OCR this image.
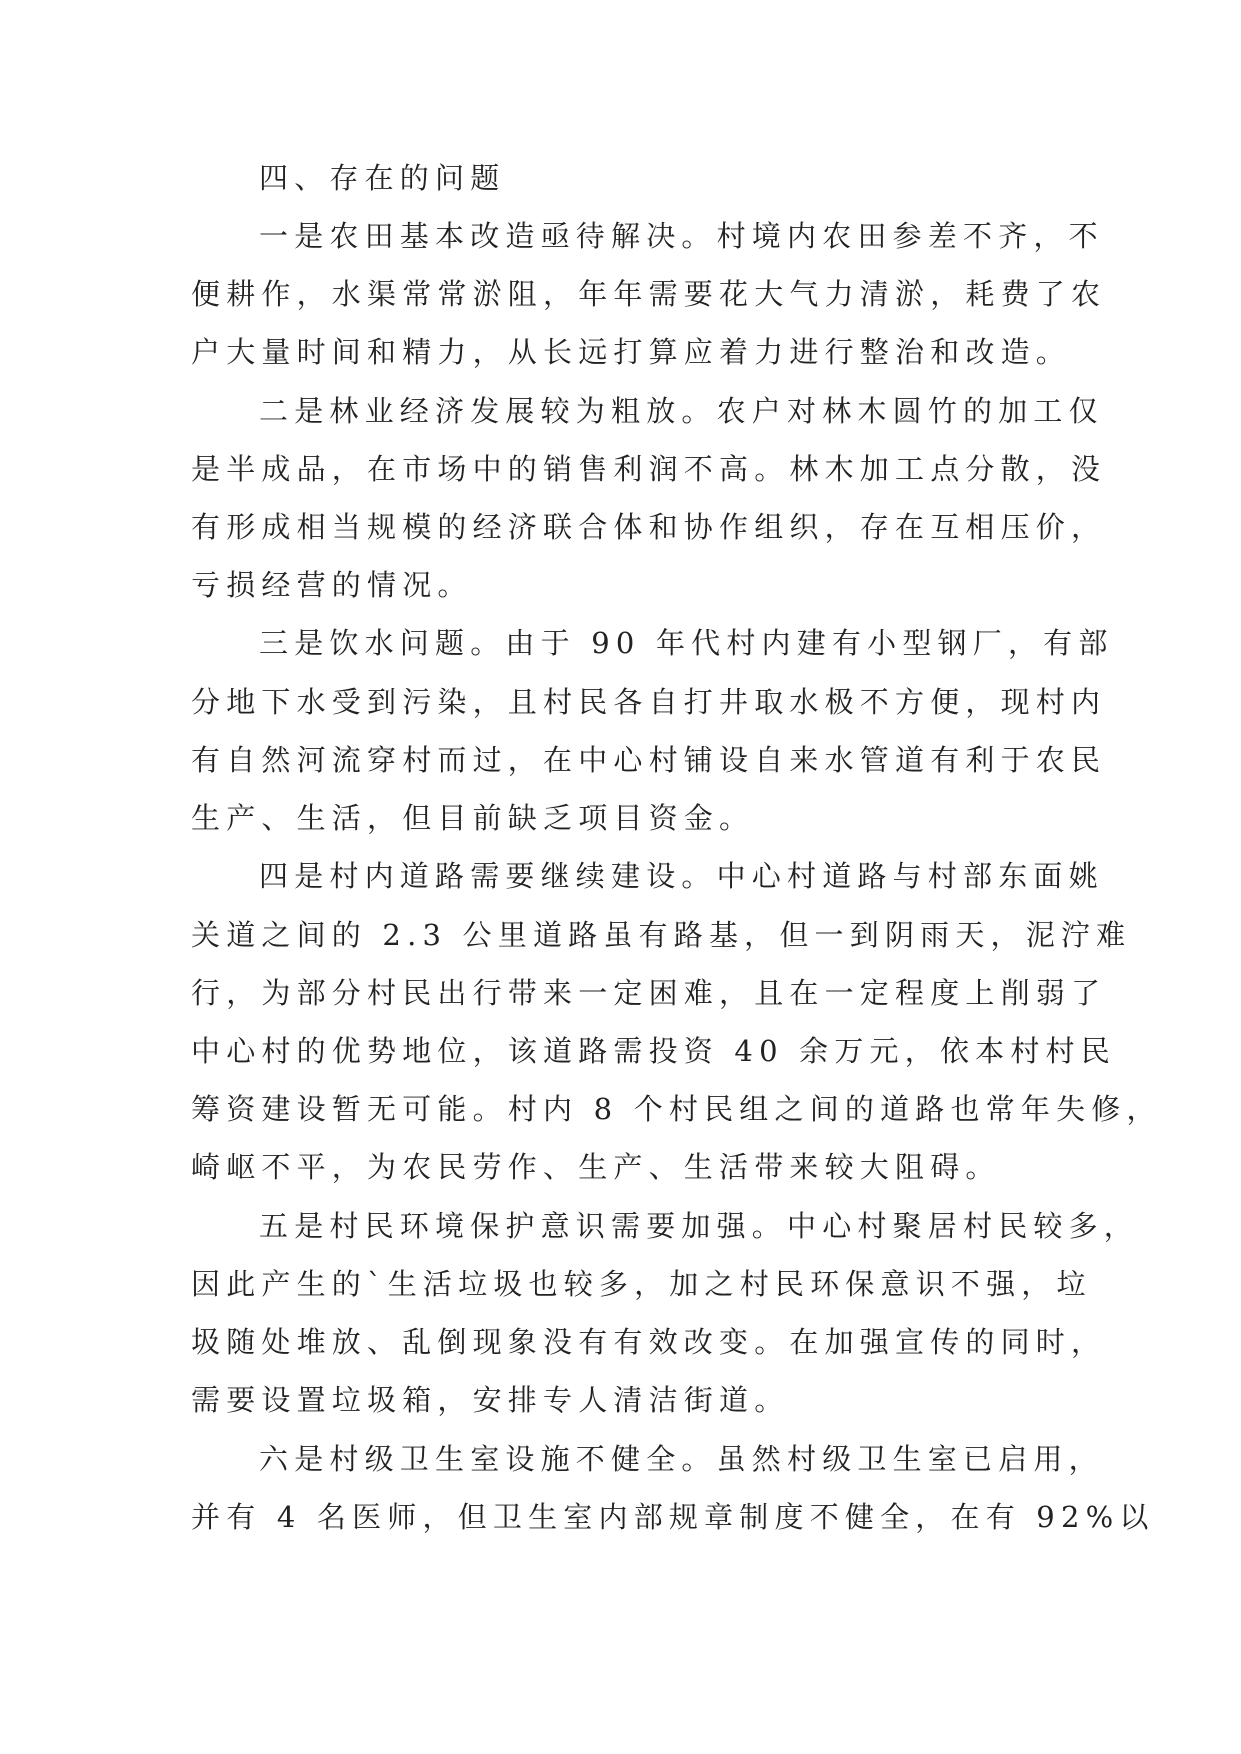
四、存在的问题
一是农田基本改造亟待解决。村境内农田参差不齐，不
便耕作，水渠常常淤阻，年年需要花大气力清淤，耗费了农
户大量时间和精力，从长远打算应着力进行整治和改造。
二是林业经济发展较为粗放。农户对林木圆竹的加工仅
是半成品，在市场中的销售利润不高。林木加工点分散，没
有形成相当规模的经济联合体和协作组织，存在互相压价，
亏损经营的情况。
三是饮水问题。由于 90 年代村内建有小型钢厂，有部
分地下水受到污染，且村民各自打井取水极不方便，现村内
有自然河流穿村而过，在中心村铺设自来水管道有利于农民
生产、生活，但目前缺乏项目资金。
四是村内道路需要继续建设。中心村道路与村部东面姚
关道之间的 2.3 公里道路虽有路基，但一到阴雨天，泥泞难
行，为部分村民出行带来一定困难，且在一定程度上削弱了
中心村的优势地位，该道路需投资 40 余万元，依本村村民
筹资建设暂无可能。村内 8 个村民组之间的道路也常年失修，
崎岖不平，为农民劳作、生产、生活带来较大阻碍。
五是村民环境保护意识需要加强。中心村聚居村民较多，
因此产生的`生活垃圾也较多，加之村民环保意识不强，垃
圾随处堆放、乱倒现象没有有效改变。在加强宣传的同时，
需要设置垃圾箱，安排专人清洁街道。
六是村级卫生室设施不健全。虽然村级卫生室已启用，
并有 4 名医师，但卫生室内部规章制度不健全，在有 92%以
